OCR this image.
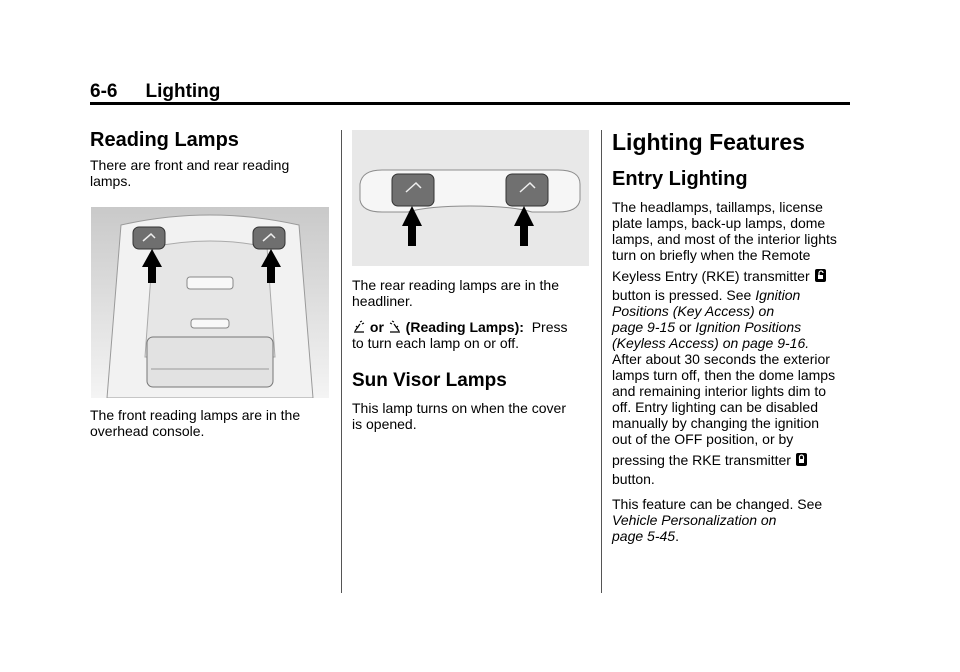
6-6 Lighting
Reading Lamps

There are front and rear reading
lamps.

The front reading lamps are in the
overhead console.

The rear reading lamps are in the
headliner.

or (Reading Lamps): Press
to turn each lamp on or off.

Sun Visor Lamps

This lamp turns on when the cover
is opened.

Lighting Features
Entry Lighting

The headlamps, taillamps, license
plate lamps, back-up lamps, dome
lamps, and most of the interior lights
turn on briefly when the Remote

Keyless Entry (RKE) transmitter

button is pressed. See Ignition
Positions (Key Access) on
page 9-15 or Ignition Positions
(Keyless Access) on page 9-16.
After about 30 seconds the exterior
lamps turn off, then the dome lamps
and remaining interior lights dim to
off. Entry lighting can be disabled
manually by changing the ignition
out of the OFF position, or by

pressing the RKE transmitter

button.

This feature can be changed. See
Vehicle Personalization on
page 5-45.
